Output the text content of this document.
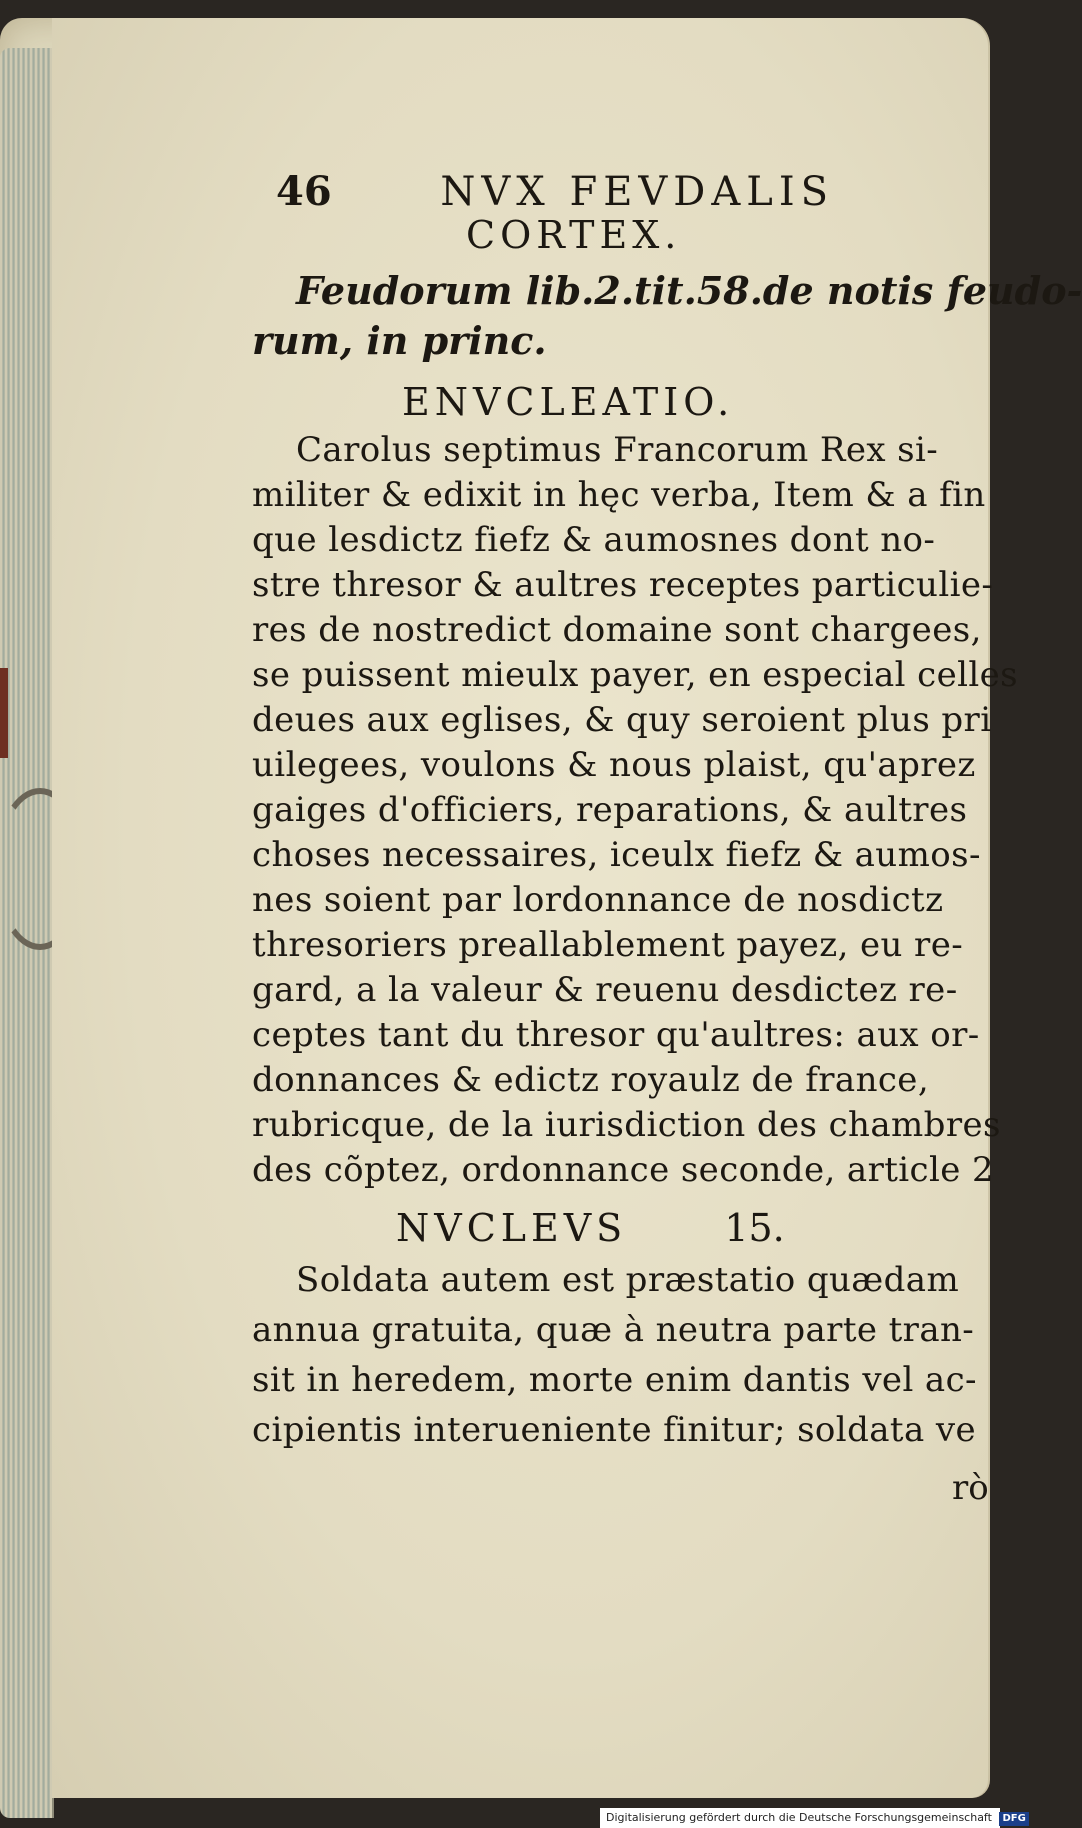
46	NVX FEVDALIS
CORTEX.
Feudorum lib.2.tit.58.de notis feudo-
rum, in princ.
ENVCLEATIO.
Carolus septimus Francorum Rex si-
militer & edixit in hęc verba, Item & a fin
que lesdictz fiefz & aumosnes dont no-
stre thresor & aultres receptes particulie-
res de nostredict domaine sont chargees,
se puissent mieulx payer, en especial celles
deues aux eglises, & quy seroient plus pri
uilegees, voulons & nous plaist, qu'aprez
gaiges d'officiers, reparations, & aultres
choses necessaires, iceulx fiefz & aumos-
nes soient par lordonnance de nosdictz
thresoriers preallablement payez, eu re-
gard, a la valeur & reuenu desdictez re-
ceptes tant du thresor qu'aultres: aux or-
donnances & edictz royaulz de france,
rubricque, de la iurisdiction des chambres
des cõptez, ordonnance seconde, article 2
NVCLEVS	15.
Soldata autem est præstatio quædam
annua gratuita, quæ à neutra parte tran-
sit in heredem, morte enim dantis vel ac-
cipientis interueniente finitur; soldata ve
rò
Digitalisierung gefördert durch die Deutsche Forschungsgemeinschaft DFG
